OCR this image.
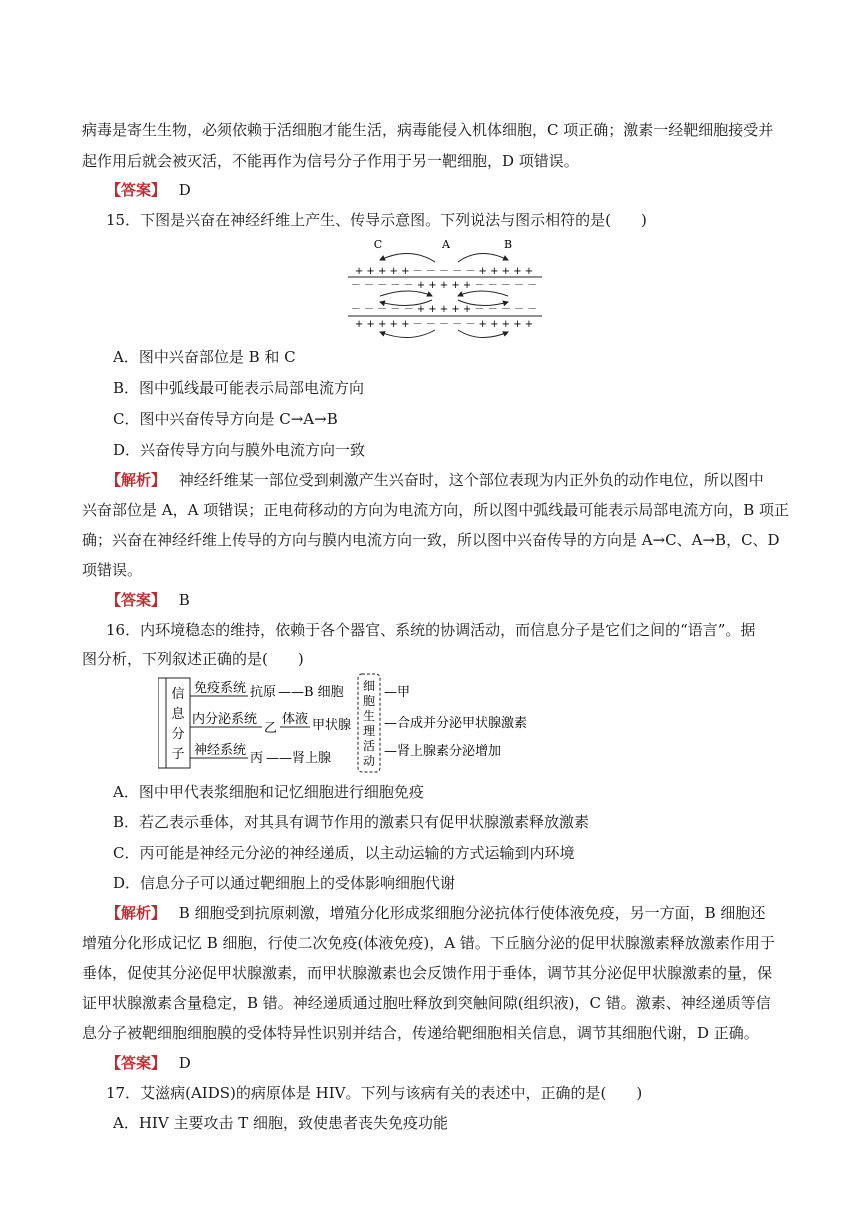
病毒是寄生生物，必须依赖于活细胞才能生活，病毒能侵入机体细胞，C 项正确；激素一经靶细胞接受并
起作用后就会被灭活，不能再作为信号分子作用于另一靶细胞，D 项错误。
【答案】 D
15．下图是兴奋在神经纤维上产生、传导示意图。下列说法与图示相符的是(　　)
C	A	B
+ + + + + － － － － － + + + + +
－ － － － － + + + + + － － － － －
－ － － － － + + + + + － － － － －
+ + + + + － － － － － + + + + +
A．图中兴奋部位是 B 和 C
B．图中弧线最可能表示局部电流方向
C．图中兴奋传导方向是 C→A→B
D．兴奋传导方向与膜外电流方向一致
【解析】 神经纤维某一部位受到刺激产生兴奋时，这个部位表现为内正外负的动作电位，所以图中
兴奋部位是 A，A 项错误；正电荷移动的方向为电流方向，所以图中弧线最可能表示局部电流方向，B 项正
确；兴奋在神经纤维上传导的方向与膜内电流方向一致，所以图中兴奋传导的方向是 A→C、A→B，C、D
项错误。
【答案】 B
16．内环境稳态的维持，依赖于各个器官、系统的协调活动，而信息分子是它们之间的“语言”。据
图分析，下列叙述正确的是(　　)
信
息
分
子
免疫系统 抗原 ——B 细胞
内分泌系统
乙
体液 甲状腺
神经系统
丙 ——肾上腺
细
胞
生
理
活
动
—甲
—合成并分泌甲状腺激素
—肾上腺素分泌增加
A．图中甲代表浆细胞和记忆细胞进行细胞免疫
B．若乙表示垂体，对其具有调节作用的激素只有促甲状腺激素释放激素
C．丙可能是神经元分泌的神经递质，以主动运输的方式运输到内环境
D．信息分子可以通过靶细胞上的受体影响细胞代谢
【解析】 B 细胞受到抗原刺激，增殖分化形成浆细胞分泌抗体行使体液免疫，另一方面，B 细胞还
增殖分化形成记忆 B 细胞，行使二次免疫(体液免疫)，A 错。下丘脑分泌的促甲状腺激素释放激素作用于
垂体，促使其分泌促甲状腺激素，而甲状腺激素也会反馈作用于垂体，调节其分泌促甲状腺激素的量，保
证甲状腺激素含量稳定，B 错。神经递质通过胞吐释放到突触间隙(组织液)，C 错。激素、神经递质等信
息分子被靶细胞细胞膜的受体特异性识别并结合，传递给靶细胞相关信息，调节其细胞代谢，D 正确。
【答案】 D
17．艾滋病(AIDS)的病原体是 HIV。下列与该病有关的表述中，正确的是(　　)
A．HIV 主要攻击 T 细胞，致使患者丧失免疫功能
